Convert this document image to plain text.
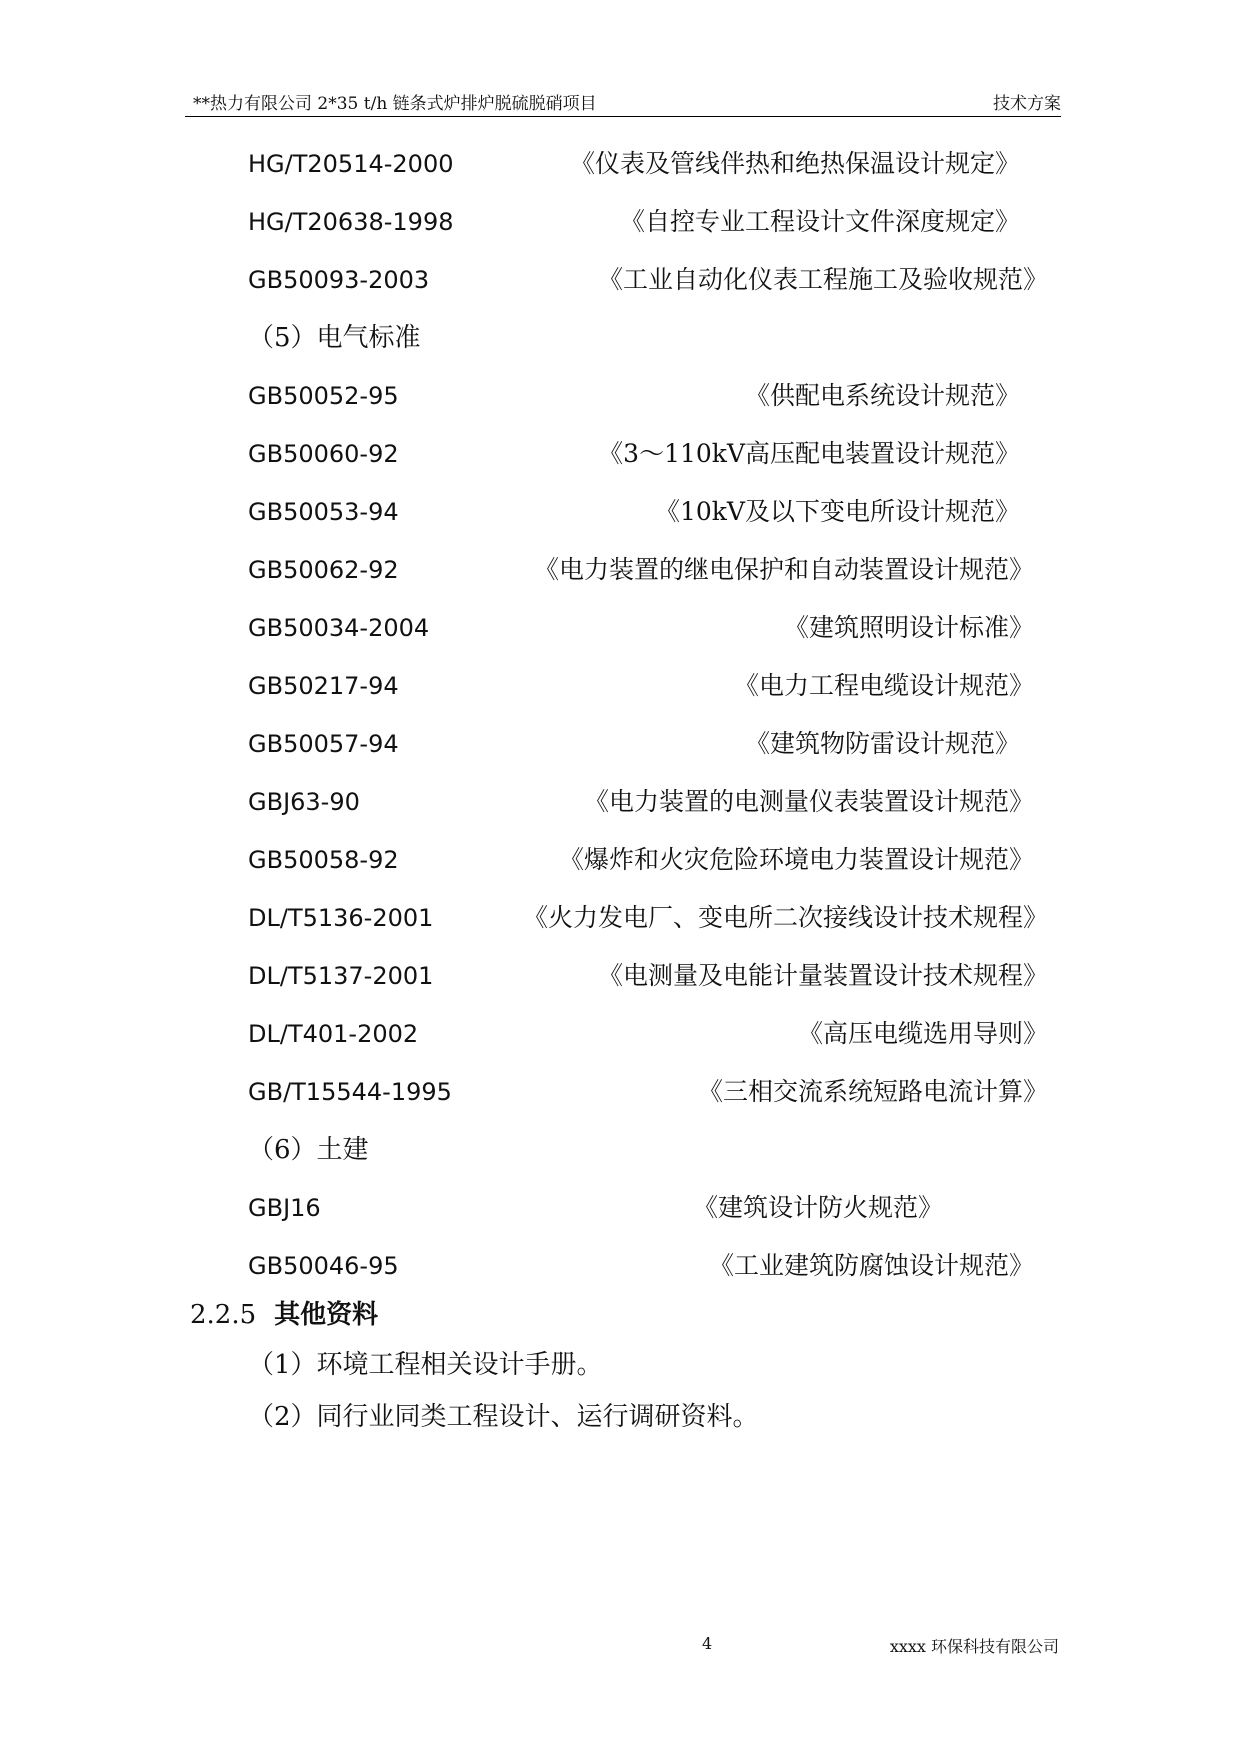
**热力有限公司 2*35 t/h 链条式炉排炉脱硫脱硝项目	技术方案
HG/T20514-2000	《仪表及管线伴热和绝热保温设计规定》
HG/T20638-1998	《自控专业工程设计文件深度规定》
GB50093-2003	《工业自动化仪表工程施工及验收规范》
（5）电气标准
GB50052-95	《供配电系统设计规范》
GB50060-92	《3～110kV高压配电装置设计规范》
GB50053-94	《10kV及以下变电所设计规范》
GB50062-92	《电力装置的继电保护和自动装置设计规范》
GB50034-2004	《建筑照明设计标准》
GB50217-94	《电力工程电缆设计规范》
GB50057-94	《建筑物防雷设计规范》
GBJ63-90	《电力装置的电测量仪表装置设计规范》
GB50058-92	《爆炸和火灾危险环境电力装置设计规范》
DL/T5136-2001	《火力发电厂、变电所二次接线设计技术规程》
DL/T5137-2001	《电测量及电能计量装置设计技术规程》
DL/T401-2002	《高压电缆选用导则》
GB/T15544-1995	《三相交流系统短路电流计算》
（6）土建
GBJ16	《建筑设计防火规范》
GB50046-95	《工业建筑防腐蚀设计规范》
2.2.5 其他资料
（1）环境工程相关设计手册。
（2）同行业同类工程设计、运行调研资料。
4	xxxx 环保科技有限公司
